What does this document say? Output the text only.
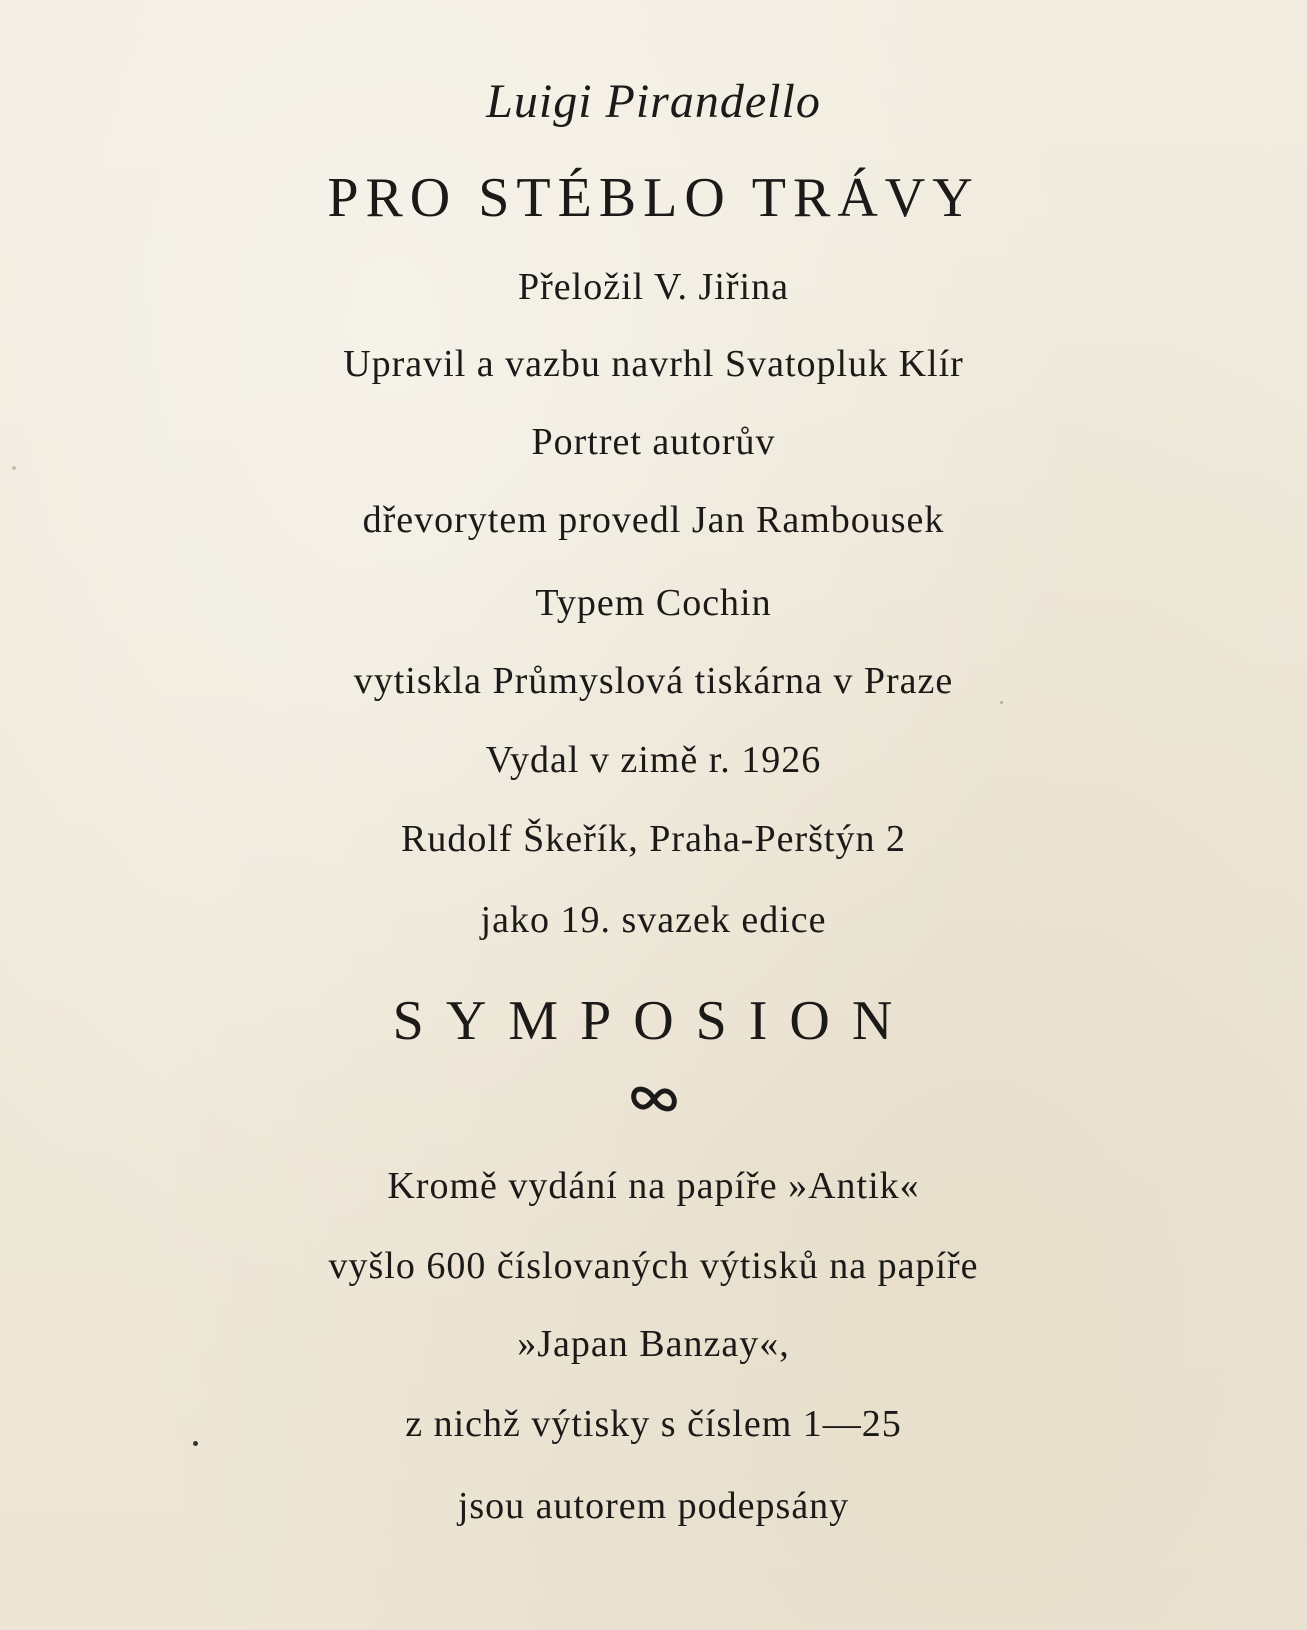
Luigi Pirandello
PRO STÉBLO TRÁVY
Přeložil V. Jiřina
Upravil a vazbu navrhl Svatopluk Klír
Portret autorův
dřevorytem provedl Jan Rambousek
Typem Cochin
vytiskla Průmyslová tiskárna v Praze
Vydal v zimě r. 1926
Rudolf Škeřík, Praha-Perštýn 2
jako 19. svazek edice
SYMPOSION
Kromě vydání na papíře »Antik«
vyšlo 600 číslovaných výtisků na papíře
»Japan Banzay«,
z nichž výtisky s číslem 1—25
jsou autorem podepsány
